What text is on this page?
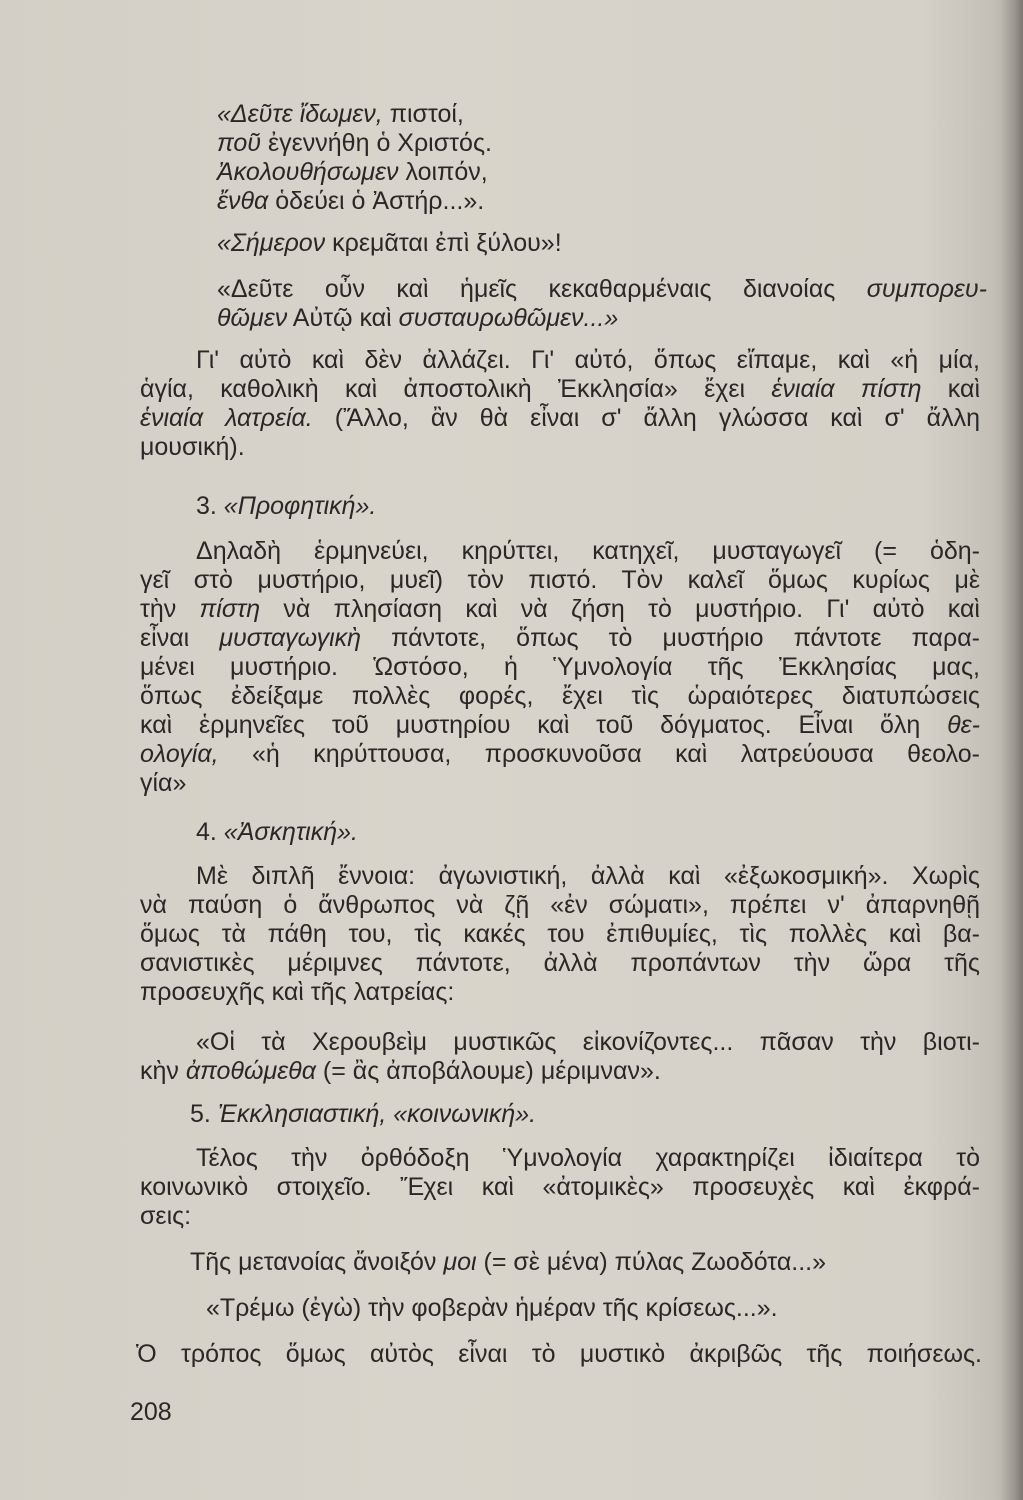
«Δεῦτε ἴδωμεν, πιστοί,
ποῦ ἐγεννήθη ὁ Χριστός.
Ἀκολουθήσωμεν λοιπόν,
ἔνθα ὁδεύει ὁ Ἀστήρ...».
«Σήμερον κρεμᾶται ἐπὶ ξύλου»!
«Δεῦτε οὖν καὶ ἡμεῖς κεκαθαρμέναις διανοίας συμπορευ-
θῶμεν Αὐτῷ καὶ συσταυρωθῶμεν...»
Γι' αὐτὸ καὶ δὲν ἀλλάζει. Γι' αὐτό, ὅπως εἴπαμε, καὶ «ἡ μία,
ἁγία, καθολικὴ καὶ ἀποστολικὴ Ἐκκλησία» ἔχει ἑνιαία πίστη καὶ
ἑνιαία λατρεία. (Ἄλλο, ἂν θὰ εἶναι σ' ἄλλη γλώσσα καὶ σ' ἄλλη
μουσική).
3. «Προφητική».
Δηλαδὴ ἑρμηνεύει, κηρύττει, κατηχεῖ, μυσταγωγεῖ (= ὁδη-
γεῖ στὸ μυστήριο, μυεῖ) τὸν πιστό. Τὸν καλεῖ ὅμως κυρίως μὲ
τὴν πίστη νὰ πλησίαση καὶ νὰ ζήση τὸ μυστήριο. Γι' αὐτὸ καὶ
εἶναι μυσταγωγικὴ πάντοτε, ὅπως τὸ μυστήριο πάντοτε παρα-
μένει μυστήριο. Ὡστόσο, ἡ Ὑμνολογία τῆς Ἐκκλησίας μας,
ὅπως ἐδείξαμε πολλὲς φορές, ἔχει τὶς ὡραιότερες διατυπώσεις
καὶ ἑρμηνεῖες τοῦ μυστηρίου καὶ τοῦ δόγματος. Εἶναι ὅλη θε-
ολογία, «ἡ κηρύττουσα, προσκυνοῦσα καὶ λατρεύουσα θεολο-
γία»
4. «Ἀσκητική».
Μὲ διπλῆ ἔννοια: ἀγωνιστική, ἀλλὰ καὶ «ἐξωκοσμική». Χωρὶς
νὰ παύση ὁ ἄνθρωπος νὰ ζῇ «ἐν σώματι», πρέπει ν' ἀπαρνηθῇ
ὅμως τὰ πάθη του, τὶς κακές του ἐπιθυμίες, τὶς πολλὲς καὶ βα-
σανιστικὲς μέριμνες πάντοτε, ἀλλὰ προπάντων τὴν ὥρα τῆς
προσευχῆς καὶ τῆς λατρείας:
«Οἱ τὰ Χερουβεὶμ μυστικῶς εἰκονίζοντες... πᾶσαν τὴν βιοτι-
κὴν ἀποθώμεθα (= ἂς ἀποβάλουμε) μέριμναν».
5. Ἐκκλησιαστική, «κοινωνική».
Τέλος τὴν ὀρθόδοξη Ὑμνολογία χαρακτηρίζει ἰδιαίτερα τὸ
κοινωνικὸ στοιχεῖο. Ἔχει καὶ «ἀτομικὲς» προσευχὲς καὶ ἐκφρά-
σεις:
Τῆς μετανοίας ἄνοιξόν μοι (= σὲ μένα) πύλας Ζωοδότα...»
«Τρέμω (ἐγὼ) τὴν φοβερὰν ἡμέραν τῆς κρίσεως...».
Ὁ τρόπος ὅμως αὐτὸς εἶναι τὸ μυστικὸ ἀκριβῶς τῆς ποιήσεως.
208
